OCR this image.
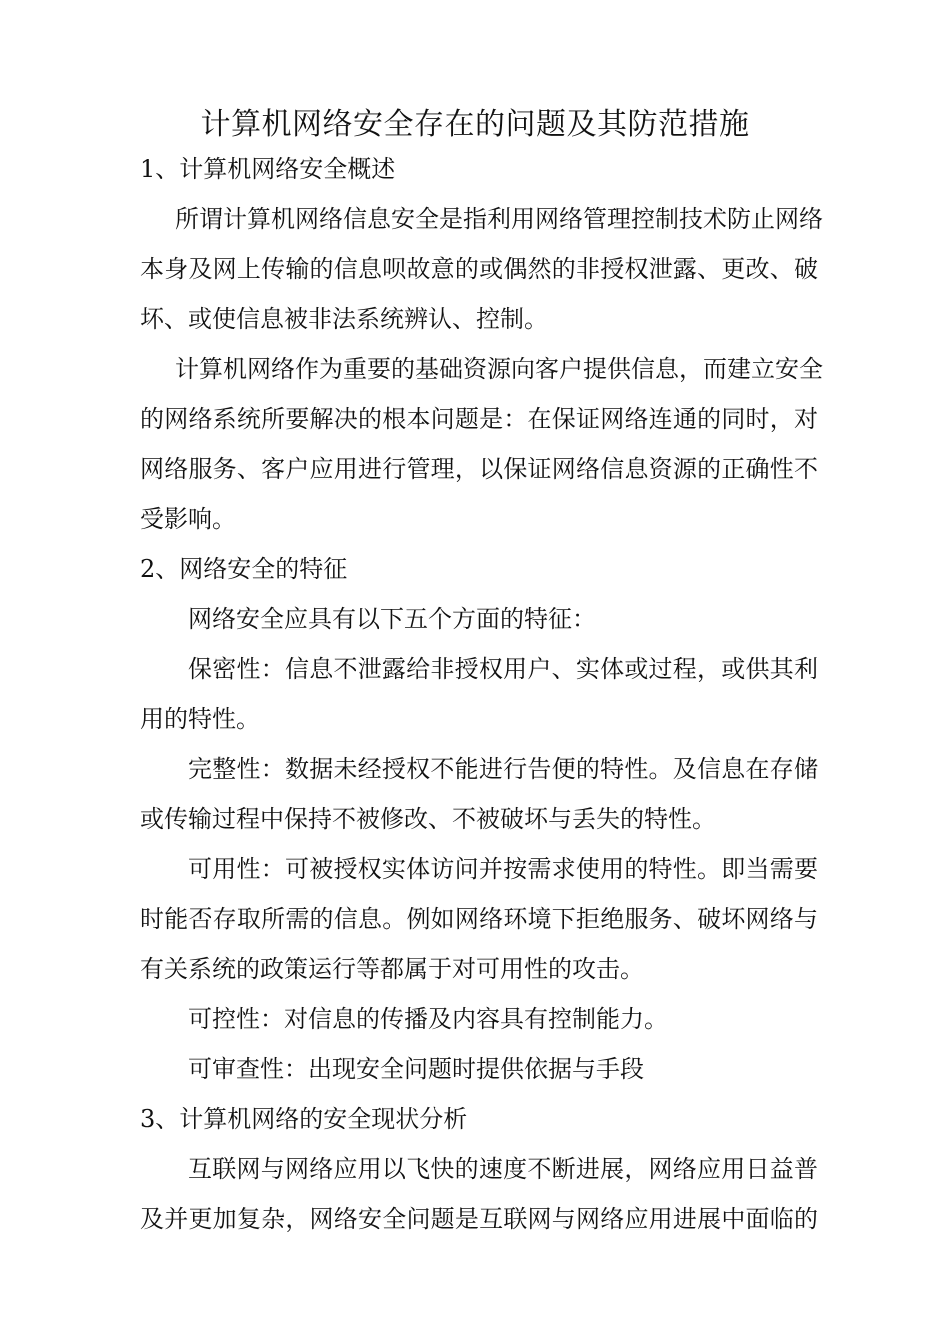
计算机网络安全存在的问题及其防范措施
1、计算机网络安全概述
所谓计算机网络信息安全是指利用网络管理控制技术防止网络
本身及网上传输的信息呗故意的或偶然的非授权泄露、更改、破
坏、或使信息被非法系统辨认、控制。
计算机网络作为重要的基础资源向客户提供信息，而建立安全
的网络系统所要解决的根本问题是：在保证网络连通的同时，对
网络服务、客户应用进行管理，以保证网络信息资源的正确性不
受影响。
2、网络安全的特征
网络安全应具有以下五个方面的特征：
保密性：信息不泄露给非授权用户、实体或过程，或供其利
用的特性。
完整性：数据未经授权不能进行告便的特性。及信息在存储
或传输过程中保持不被修改、不被破坏与丢失的特性。
可用性：可被授权实体访问并按需求使用的特性。即当需要
时能否存取所需的信息。例如网络环境下拒绝服务、破坏网络与
有关系统的政策运行等都属于对可用性的攻击。
可控性：对信息的传播及内容具有控制能力。
可审查性：出现安全问题时提供依据与手段
3、计算机网络的安全现状分析
互联网与网络应用以飞快的速度不断进展，网络应用日益普
及并更加复杂，网络安全问题是互联网与网络应用进展中面临的
